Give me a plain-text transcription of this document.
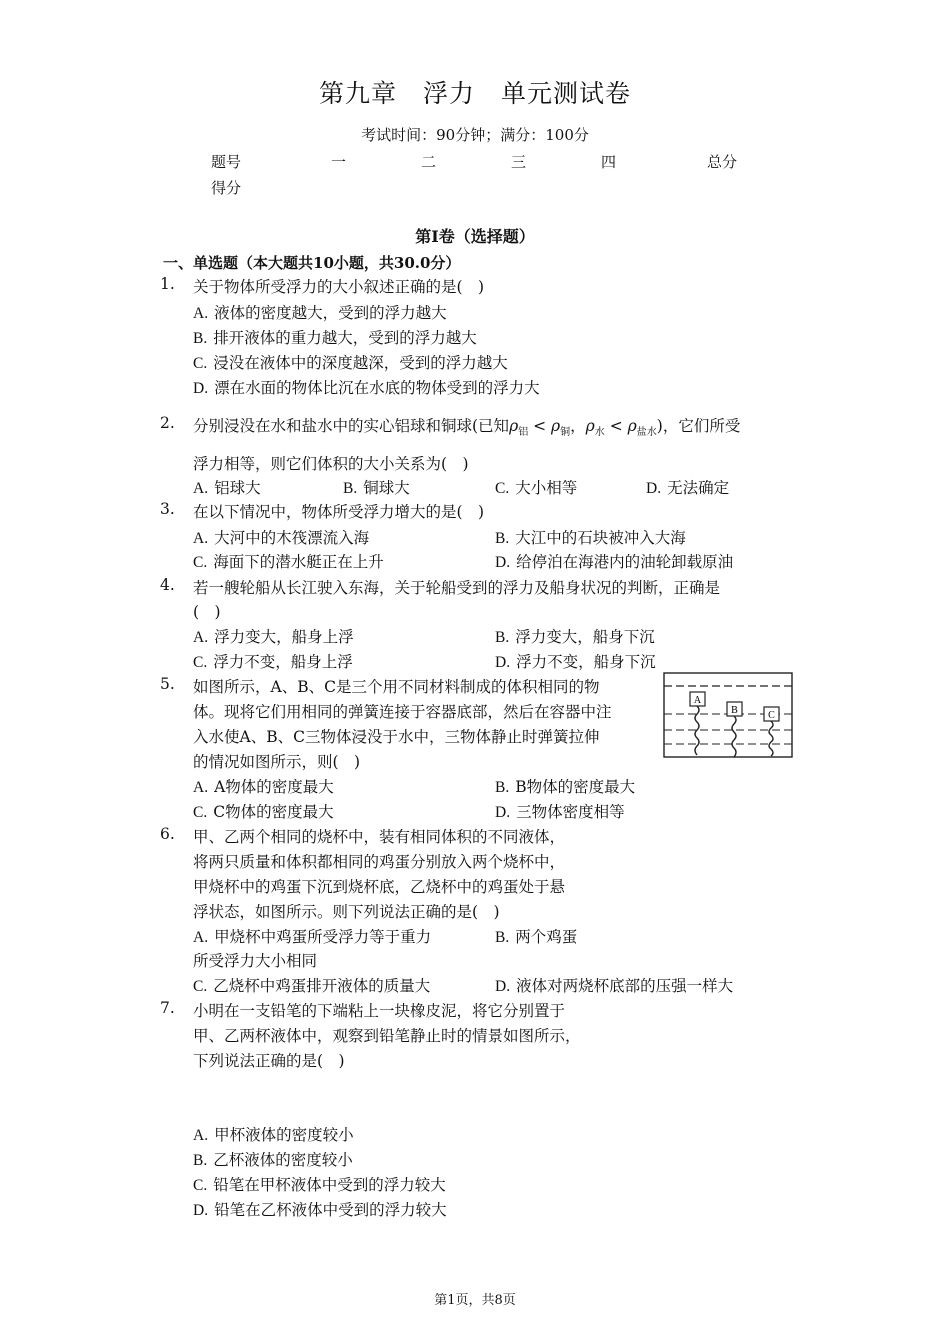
第九章　浮力　单元测试卷
考试时间：90分钟；满分：100分
题号	一	二	三	四	总分
得分
第I卷（选择题）
一、单选题（本大题共10小题，共30.0分）
1. 关于物体所受浮力的大小叙述正确的是(　)
A. 液体的密度越大，受到的浮力越大
B. 排开液体的重力越大，受到的浮力越大
C. 浸没在液体中的深度越深，受到的浮力越大
D. 漂在水面的物体比沉在水底的物体受到的浮力大
2. 分别浸没在水和盐水中的实心铝球和铜球(已知$\rho_铝 < \rho_铜$，$\rho_水 < \rho_{盐水}$)，它们所受
浮力相等，则它们体积的大小关系为(　)
A. 铝球大	B. 铜球大	C. 大小相等	D. 无法确定
3. 在以下情况中，物体所受浮力增大的是(　)
A. 大河中的木筏漂流入海	B. 大江中的石块被冲入大海
C. 海面下的潜水艇正在上升	D. 给停泊在海港内的油轮卸载原油
4. 若一艘轮船从长江驶入东海，关于轮船受到的浮力及船身状况的判断，正确是
(　)
A. 浮力变大，船身上浮	B. 浮力变大，船身下沉
C. 浮力不变，船身上浮	D. 浮力不变，船身下沉
5. 如图所示，A、B、C是三个用不同材料制成的体积相同的物
体。现将它们用相同的弹簧连接于容器底部，然后在容器中注
入水使A、B、C三物体浸没于水中，三物体静止时弹簧拉伸
的情况如图所示，则(　)
A. A物体的密度最大	B. B物体的密度最大
C. C物体的密度最大	D. 三物体密度相等
A
B	C
6. 甲、乙两个相同的烧杯中，装有相同体积的不同液体，
将两只质量和体积都相同的鸡蛋分别放入两个烧杯中，
甲烧杯中的鸡蛋下沉到烧杯底，乙烧杯中的鸡蛋处于悬
浮状态，如图所示。则下列说法正确的是(　)
A. 甲烧杯中鸡蛋所受浮力等于重力	B. 两个鸡蛋
所受浮力大小相同
C. 乙烧杯中鸡蛋排开液体的质量大	D. 液体对两烧杯底部的压强一样大
7. 小明在一支铅笔的下端粘上一块橡皮泥，将它分别置于
甲、乙两杯液体中，观察到铅笔静止时的情景如图所示，
下列说法正确的是(　)
A. 甲杯液体的密度较小
B. 乙杯液体的密度较小
C. 铅笔在甲杯液体中受到的浮力较大
D. 铅笔在乙杯液体中受到的浮力较大
第1页，共8页
